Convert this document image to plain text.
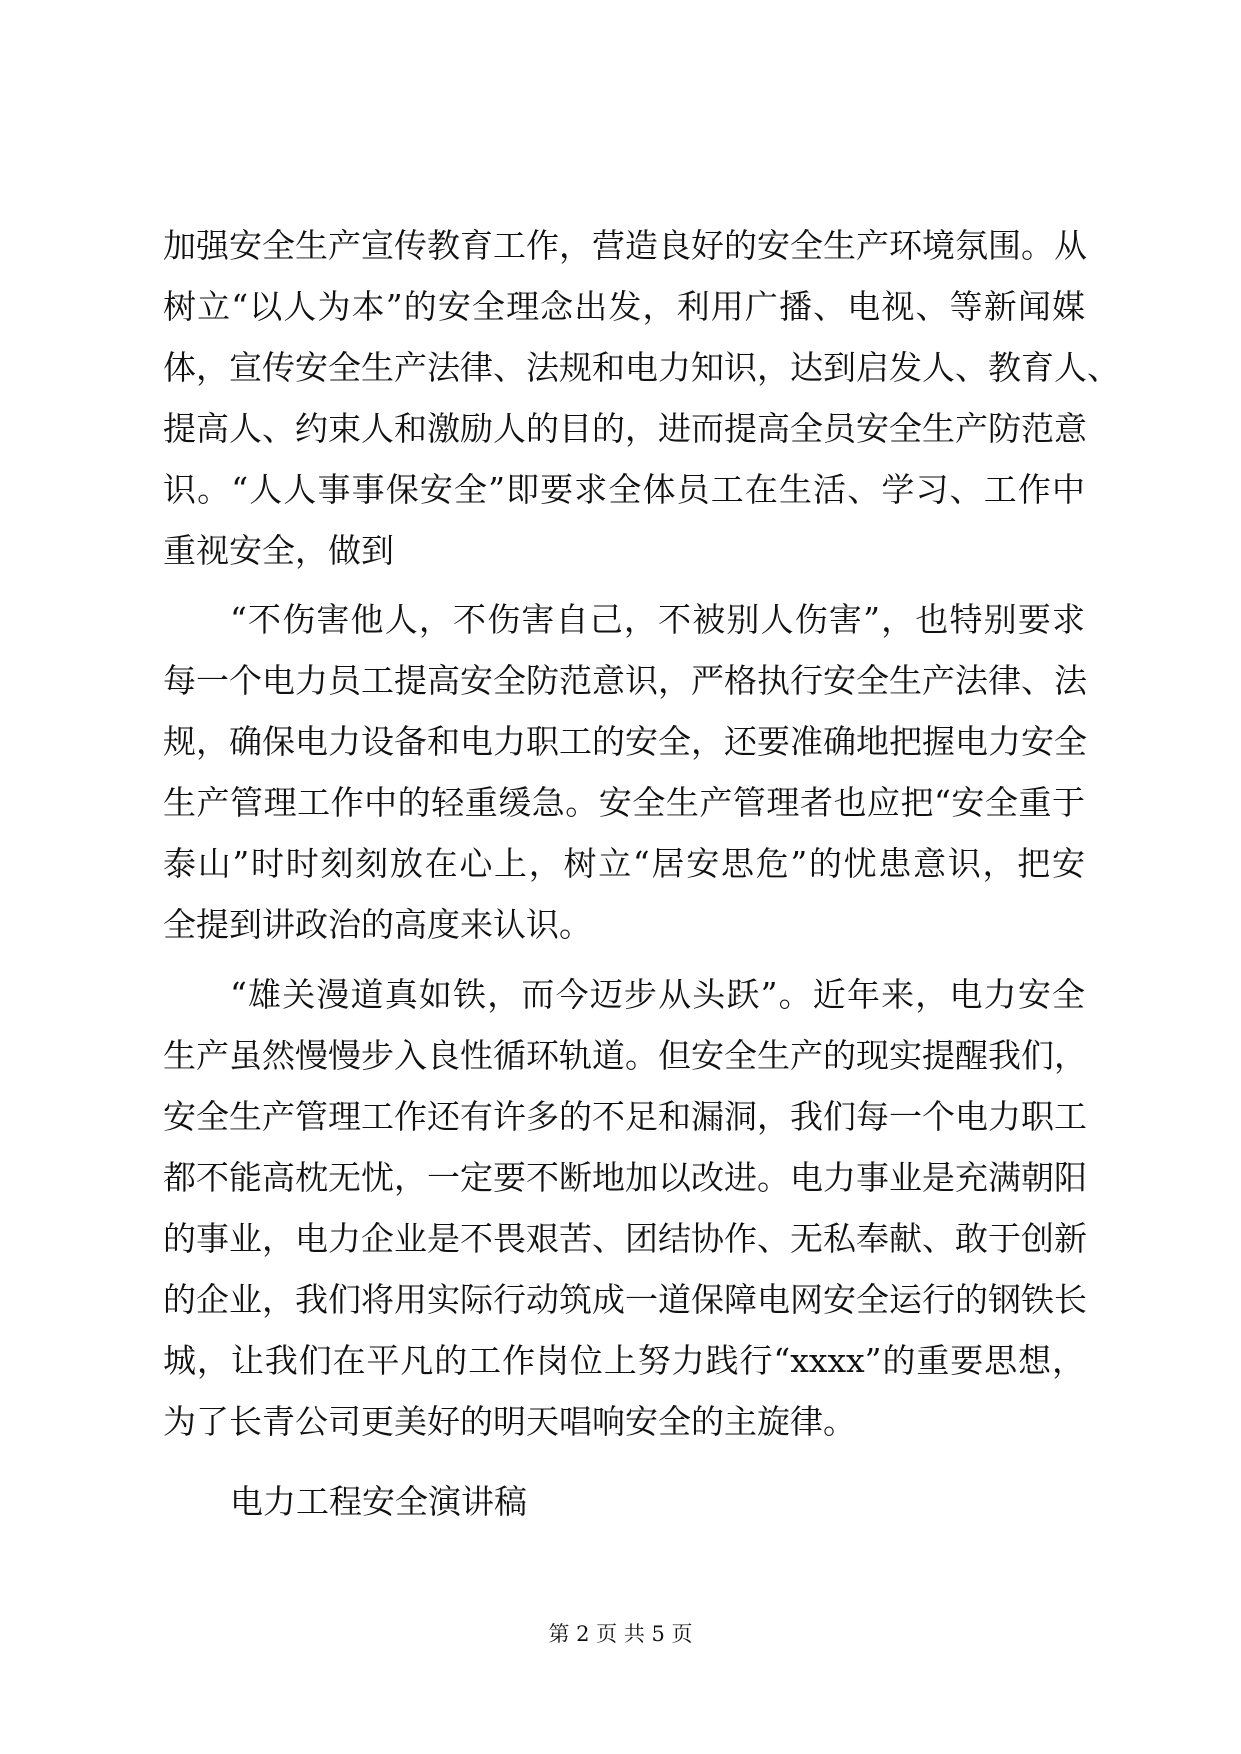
加强安全生产宣传教育工作，营造良好的安全生产环境氛围。从
树立“以人为本”的安全理念出发，利用广播、电视、等新闻媒
体，宣传安全生产法律、法规和电力知识，达到启发人、教育人、
提高人、约束人和激励人的目的，进而提高全员安全生产防范意
识。“人人事事保安全”即要求全体员工在生活、学习、工作中
重视安全，做到
“不伤害他人，不伤害自己，不被别人伤害”，也特别要求
每一个电力员工提高安全防范意识，严格执行安全生产法律、法
规，确保电力设备和电力职工的安全，还要准确地把握电力安全
生产管理工作中的轻重缓急。安全生产管理者也应把“安全重于
泰山”时时刻刻放在心上，树立“居安思危”的忧患意识，把安
全提到讲政治的高度来认识。
“雄关漫道真如铁，而今迈步从头跃”。近年来，电力安全
生产虽然慢慢步入良性循环轨道。但安全生产的现实提醒我们，
安全生产管理工作还有许多的不足和漏洞，我们每一个电力职工
都不能高枕无忧，一定要不断地加以改进。电力事业是充满朝阳
的事业，电力企业是不畏艰苦、团结协作、无私奉献、敢于创新
的企业，我们将用实际行动筑成一道保障电网安全运行的钢铁长
城，让我们在平凡的工作岗位上努力践行“xxxx”的重要思想，
为了长青公司更美好的明天唱响安全的主旋律。
电力工程安全演讲稿
第 2 页 共 5 页
